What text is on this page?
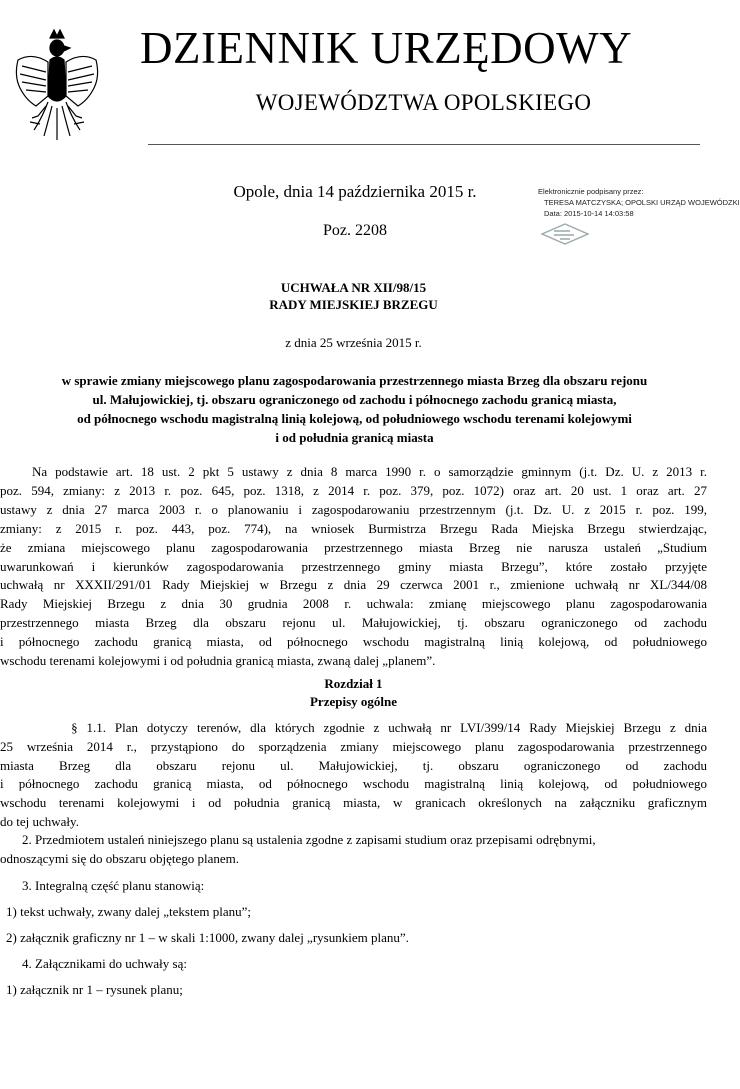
DZIENNIK URZĘDOWY
WOJEWÓDZTWA OPOLSKIEGO
Opole, dnia 14 października 2015 r.
Poz. 2208
Elektronicznie podpisany przez:
TERESA MATCZYSKA; OPOLSKI URZĄD WOJEWÓDZKI
Data: 2015-10-14 14:03:58
UCHWAŁA NR XII/98/15
RADY MIEJSKIEJ BRZEGU
z dnia 25 września 2015 r.
w sprawie zmiany miejscowego planu zagospodarowania przestrzennego miasta Brzeg dla obszaru rejonu
ul. Małujowickiej, tj. obszaru ograniczonego od zachodu i północnego zachodu granicą miasta,
od północnego wschodu magistralną linią kolejową, od południowego wschodu terenami kolejowymi
i od południa granicą miasta
Na podstawie art. 18 ust. 2 pkt 5 ustawy z dnia 8 marca 1990 r. o samorządzie gminnym (j.t. Dz. U. z 2013 r.
poz. 594, zmiany: z 2013 r. poz. 645, poz. 1318, z 2014 r. poz. 379, poz. 1072) oraz art. 20 ust. 1 oraz art. 27
ustawy z dnia 27 marca 2003 r. o planowaniu i zagospodarowaniu przestrzennym (j.t. Dz. U. z 2015 r. poz. 199,
zmiany: z 2015 r. poz. 443, poz. 774), na wniosek Burmistrza Brzegu Rada Miejska Brzegu stwierdzając,
że zmiana miejscowego planu zagospodarowania przestrzennego miasta Brzeg nie narusza ustaleń „Studium
uwarunkowań i kierunków zagospodarowania przestrzennego gminy miasta Brzegu”, które zostało przyjęte
uchwałą nr XXXII/291/01 Rady Miejskiej w Brzegu z dnia 29 czerwca 2001 r., zmienione uchwałą nr XL/344/08
Rady Miejskiej Brzegu z dnia 30 grudnia 2008 r. uchwala: zmianę miejscowego planu zagospodarowania
przestrzennego miasta Brzeg dla obszaru rejonu ul. Małujowickiej, tj. obszaru ograniczonego od zachodu
i północnego zachodu granicą miasta, od północnego wschodu magistralną linią kolejową, od południowego
wschodu terenami kolejowymi i od południa granicą miasta, zwaną dalej „planem”.
Rozdział 1
Przepisy ogólne
§ 1.1. Plan dotyczy terenów, dla których zgodnie z uchwałą nr LVI/399/14 Rady Miejskiej Brzegu z dnia
25 września 2014 r., przystąpiono do sporządzenia zmiany miejscowego planu zagospodarowania przestrzennego
miasta Brzeg dla obszaru rejonu ul. Małujowickiej, tj. obszaru ograniczonego od zachodu
i północnego zachodu granicą miasta, od północnego wschodu magistralną linią kolejową, od południowego
wschodu terenami kolejowymi i od południa granicą miasta, w granicach określonych na załączniku graficznym
do tej uchwały.
2. Przedmiotem ustaleń niniejszego planu są ustalenia zgodne z zapisami studium oraz przepisami odrębnymi,
odnoszącymi się do obszaru objętego planem.
3. Integralną część planu stanowią:
1) tekst uchwały, zwany dalej „tekstem planu”;
2) załącznik graficzny nr 1 – w skali 1:1000, zwany dalej „rysunkiem planu”.
4. Załącznikami do uchwały są:
1) załącznik nr 1 – rysunek planu;
